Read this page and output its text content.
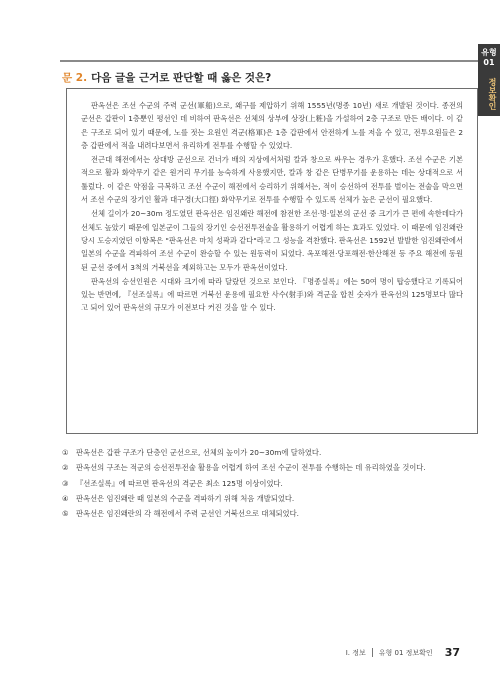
유형 01
정보확인
문 2. 다음 글을 근거로 판단할 때 옳은 것은?

판옥선은 조선 수군의 주력 군선(軍船)으로, 왜구를 제압하기 위해 1555년(명종 10년) 새로 개발된 것이다. 종전의 군선은 갑판이 1층뿐인 평선인 데 비하여 판옥선은 선체의 상부에 상장(上粧)을 가설하여 2층 구조로 만든 배이다. 이 같은 구조로 되어 있기 때문에, 노를 젓는 요원인 격군(格軍)은 1층 갑판에서 안전하게 노를 저을 수 있고, 전투요원들은 2층 갑판에서 적을 내려다보면서 유리하게 전투를 수행할 수 있었다.

전근대 해전에서는 상대방 군선으로 건너가 배의 지상에서처럼 칼과 창으로 싸우는 경우가 흔했다. 조선 수군은 기본적으로 활과 화약무기 같은 원거리 무기를 능숙하게 사용했지만, 칼과 창 같은 단병무기를 운용하는 데는 상대적으로 서툴렀다. 이 같은 약점을 극복하고 조선 수군이 해전에서 승리하기 위해서는, 적이 승선하여 전투를 벌이는 전술을 막으면서 조선 수군의 장기인 활과 대구경(大口徑) 화약무기로 전투를 수행할 수 있도록 선체가 높은 군선이 필요했다.

선체 길이가 20~30m 정도였던 판옥선은 임진왜란 해전에 참전한 조선·명·일본의 군선 중 크기가 큰 편에 속한데다가 선체도 높았기 때문에 일본군이 그들의 장기인 승선전투전술을 활용하기 어렵게 하는 효과도 있었다. 이 때문에 임진왜란 당시 도승지였던 이항복은 "판옥선은 마치 성곽과 같다"라고 그 성능을 격찬했다. 판옥선은 1592년 발발한 임진왜란에서 일본의 수군을 격파하여 조선 수군이 완승할 수 있는 원동력이 되었다. 옥포해전·당포해전·한산해전 등 주요 해전에 동원된 군선 중에서 3척의 거북선을 제외하고는 모두가 판옥선이었다.

판옥선의 승선인원은 시대와 크기에 따라 달랐던 것으로 보인다. 『명종실록』에는 50여 명이 탑승했다고 기록되어 있는 반면에, 『선조실록』에 따르면 거북선 운용에 필요한 사수(射手)와 격군을 합친 숫자가 판옥선의 125명보다 많다고 되어 있어 판옥선의 규모가 이전보다 커진 것을 알 수 있다.

① 판옥선은 갑판 구조가 단층인 군선으로, 선체의 높이가 20~30m에 달하였다.
② 판옥선의 구조는 적군의 승선전투전술 활용을 어렵게 하여 조선 수군이 전투를 수행하는 데 유리하였을 것이다.
③ 『선조실록』에 따르면 판옥선의 격군은 최소 125명 이상이었다.
④ 판옥선은 임진왜란 때 일본의 수군을 격파하기 위해 처음 개발되었다.
⑤ 판옥선은 임진왜란의 각 해전에서 주력 군선인 거북선으로 대체되었다.
I. 정보 유형 01 정보확인 37
